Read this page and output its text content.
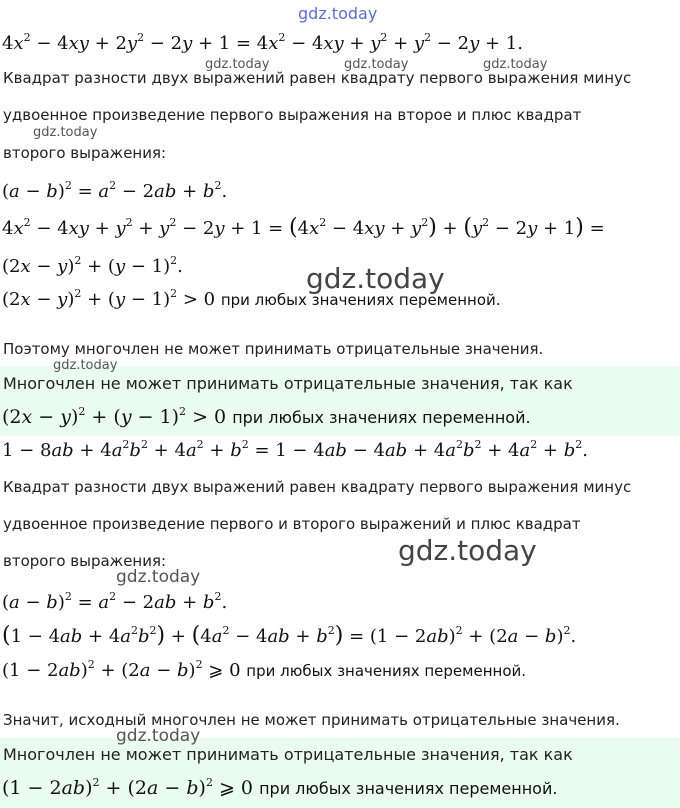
$4x^2 - 4xy + 2y^2 - 2y + 1 = 4x^2 - 4xy + y^2 + y^2 - 2y + 1$.
Квадрат разности двух выражений равен квадрату первого выражения минус
удвоенное произведение первого выражения на второе и плюс квадрат
второго выражения:
$(a - b)^2 = a^2 - 2ab + b^2$.
$4x^2 - 4xy + y^2 + y^2 - 2y + 1 = (4x^2 - 4xy + y^2) + (y^2 - 2y + 1)$ =
$(2x - y)^2 + (y - 1)^2$.
$(2x - y)^2 + (y - 1)^2 > 0$ при любых значениях переменной.
Поэтому многочлен не может принимать отрицательные значения.
Многочлен не может принимать отрицательные значения, так как
$(2x - y)^2 + (y - 1)^2 > 0$ при любых значениях переменной.
$1 - 8ab + 4a^2b^2 + 4a^2 + b^2 = 1 - 4ab - 4ab + 4a^2b^2 + 4a^2 + b^2$.
Квадрат разности двух выражений равен квадрату первого выражения минус
удвоенное произведение первого и второго выражений и плюс квадрат
второго выражения:
$(a - b)^2 = a^2 - 2ab + b^2$.
$(1 - 4ab + 4a^2b^2) + (4a^2 - 4ab + b^2) = (1 - 2ab)^2 + (2a - b)^2$.
$(1 - 2ab)^2 + (2a - b)^2$ ⩾ 0 при любых значениях переменной.
Значит, исходный многочлен не может принимать отрицательные значения.
Многочлен не может принимать отрицательные значения, так как
$(1 - 2ab)^2 + (2a - b)^2$ ⩾ 0 при любых значениях переменной.
gdz.today
gdz.today	gdz.today	gdz.today
gdz.today
gdz.today
gdz.today
gdz.today
gdz.today
gdz.today
